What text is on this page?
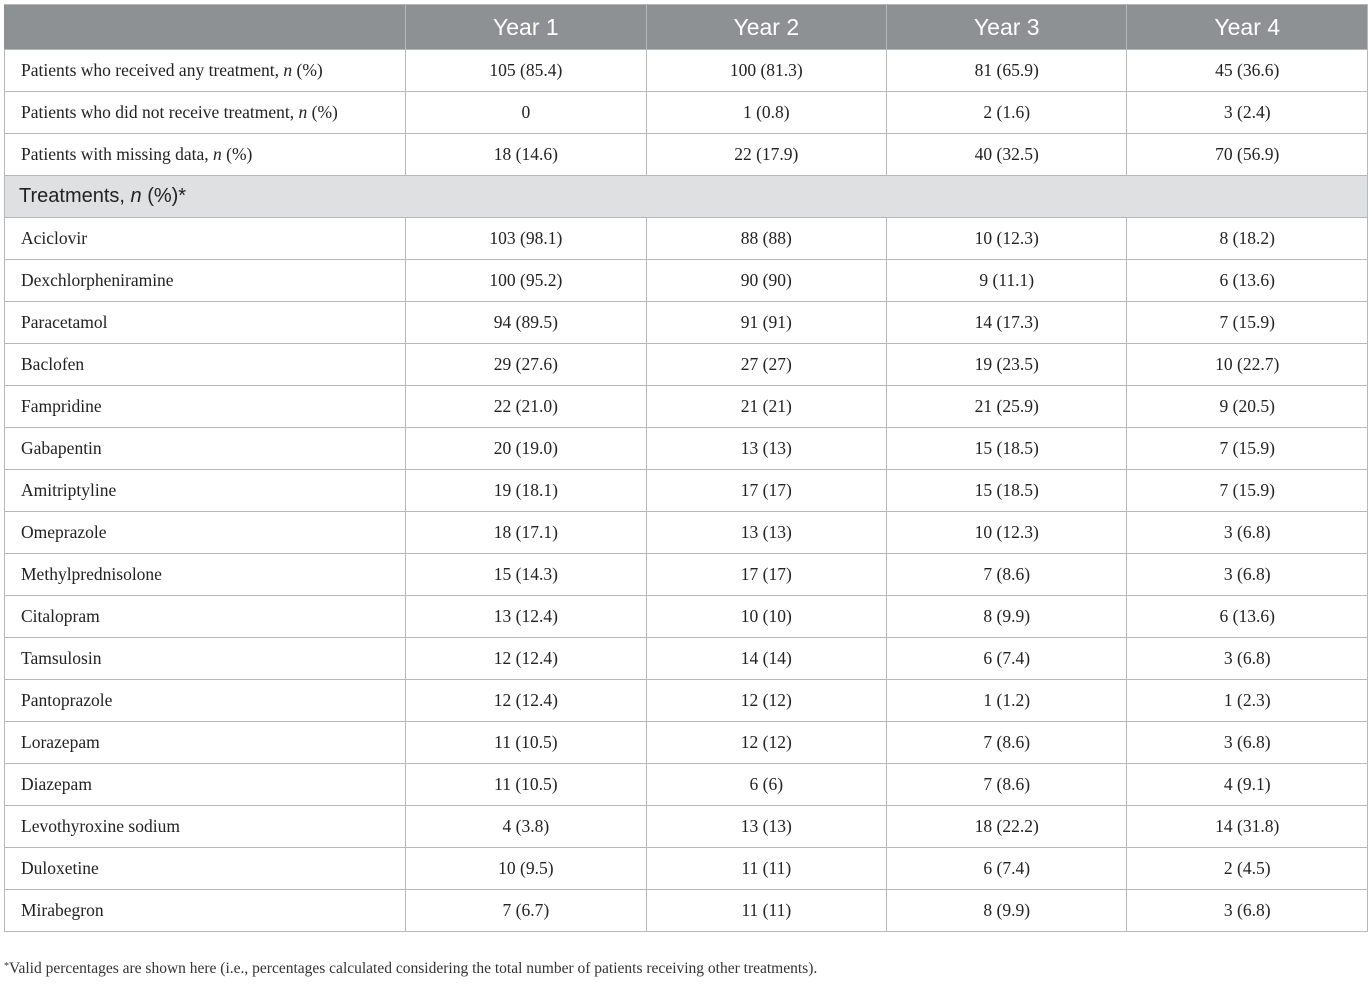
	Year 1	Year 2	Year 3	Year 4
Patients who received any treatment, n (%)	105 (85.4)	100 (81.3)	81 (65.9)	45 (36.6)
Patients who did not receive treatment, n (%)	0	1 (0.8)	2 (1.6)	3 (2.4)
Patients with missing data, n (%)	18 (14.6)	22 (17.9)	40 (32.5)	70 (56.9)
Treatments, n (%)*				
Aciclovir	103 (98.1)	88 (88)	10 (12.3)	8 (18.2)
Dexchlorpheniramine	100 (95.2)	90 (90)	9 (11.1)	6 (13.6)
Paracetamol	94 (89.5)	91 (91)	14 (17.3)	7 (15.9)
Baclofen	29 (27.6)	27 (27)	19 (23.5)	10 (22.7)
Fampridine	22 (21.0)	21 (21)	21 (25.9)	9 (20.5)
Gabapentin	20 (19.0)	13 (13)	15 (18.5)	7 (15.9)
Amitriptyline	19 (18.1)	17 (17)	15 (18.5)	7 (15.9)
Omeprazole	18 (17.1)	13 (13)	10 (12.3)	3 (6.8)
Methylprednisolone	15 (14.3)	17 (17)	7 (8.6)	3 (6.8)
Citalopram	13 (12.4)	10 (10)	8 (9.9)	6 (13.6)
Tamsulosin	12 (12.4)	14 (14)	6 (7.4)	3 (6.8)
Pantoprazole	12 (12.4)	12 (12)	1 (1.2)	1 (2.3)
Lorazepam	11 (10.5)	12 (12)	7 (8.6)	3 (6.8)
Diazepam	11 (10.5)	6 (6)	7 (8.6)	4 (9.1)
Levothyroxine sodium	4 (3.8)	13 (13)	18 (22.2)	14 (31.8)
Duloxetine	10 (9.5)	11 (11)	6 (7.4)	2 (4.5)
Mirabegron	7 (6.7)	11 (11)	8 (9.9)	3 (6.8)
*Valid percentages are shown here (i.e., percentages calculated considering the total number of patients receiving other treatments).
